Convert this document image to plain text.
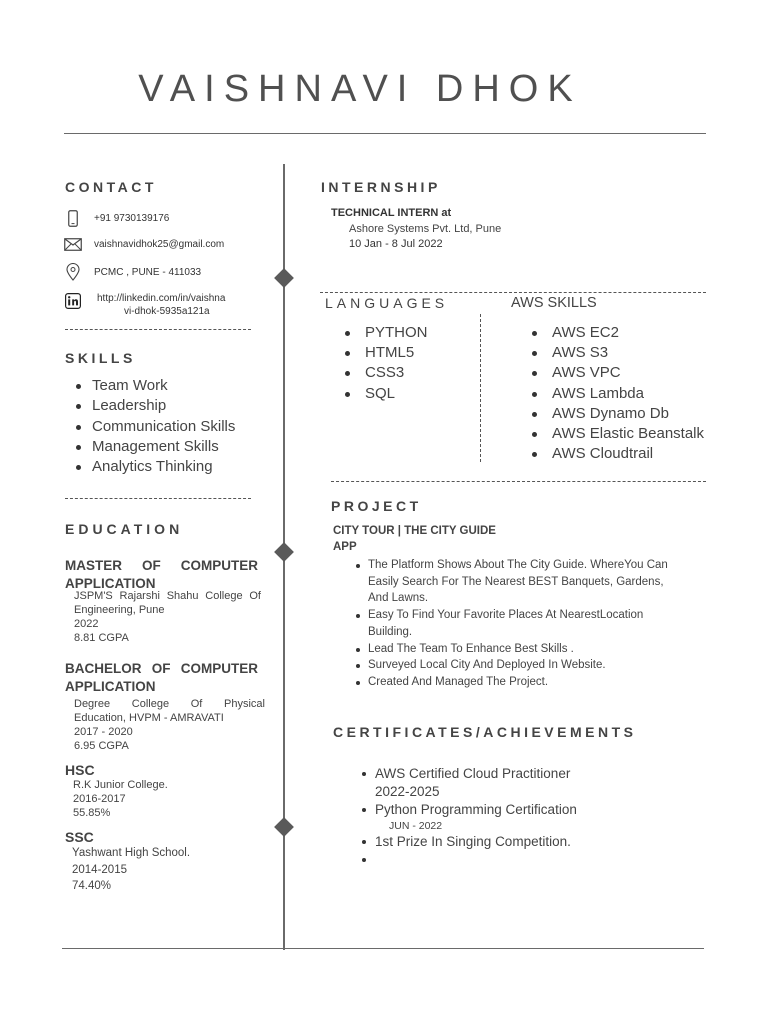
VAISHNAVI DHOK
CONTACT
+91 9730139176
vaishnavidhok25@gmail.com
PCMC , PUNE - 411033
http://linkedin.com/in/vaishna
vi-dhok-5935a121a
SKILLS
Team Work
Leadership
Communication Skills
Management Skills
Analytics Thinking
EDUCATION
MASTER OF COMPUTER
APPLICATION
JSPM'S Rajarshi Shahu College Of
Engineering, Pune
2022
8.81 CGPA
BACHELOR OF COMPUTER
APPLICATION
Degree College Of Physical
Education, HVPM - AMRAVATI
2017 - 2020
6.95 CGPA
HSC
R.K Junior College.
2016-2017
55.85%
SSC
Yashwant High School.
2014-2015
74.40%
INTERNSHIP
TECHNICAL INTERN at
Ashore Systems Pvt. Ltd, Pune
10 Jan - 8 Jul 2022
LANGUAGES
PYTHON
HTML5
CSS3
SQL
AWS SKILLS
AWS EC2
AWS S3
AWS VPC
AWS Lambda
AWS Dynamo Db
AWS Elastic Beanstalk
AWS Cloudtrail
PROJECT
CITY TOUR | THE CITY GUIDE
APP
The Platform Shows About The City Guide. WhereYou Can Easily Search For The Nearest BEST Banquets, Gardens, And Lawns.
Easy To Find Your Favorite Places At NearestLocation Building.
Lead The Team To Enhance Best Skills .
Surveyed Local City And Deployed In Website.
Created And Managed The Project.
CERTIFICATES/ACHIEVEMENTS
AWS Certified Cloud Practitioner
2022-2025
Python Programming Certification
JUN - 2022
1st Prize In Singing Competition.
